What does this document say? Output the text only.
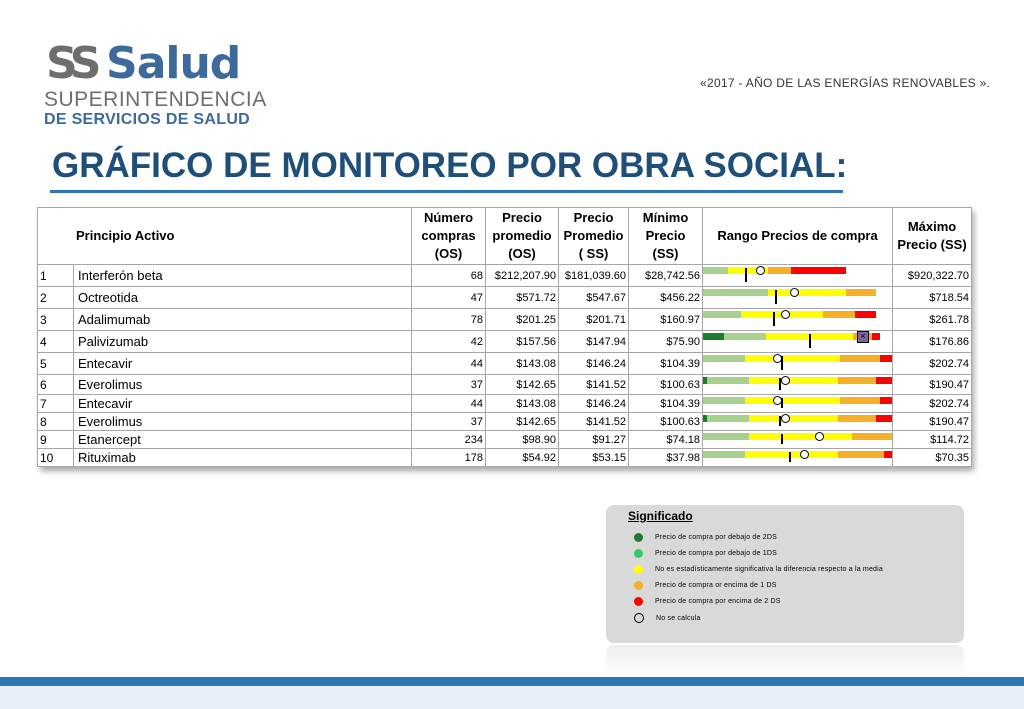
SS Salud
SUPERINTENDENCIA
DE SERVICIOS DE SALUD
«2017 - AÑO DE LAS ENERGÍAS RENOVABLES ».
GRÁFICO DE MONITOREO POR OBRA SOCIAL:
Principio Activo		Número compras (OS)	Precio promedio (OS)	Precio Promedio ( SS)	Mínimo Precio (SS)	Rango Precios de compra	Máximo Precio (SS)
1	Interferón beta	68	$212,207.90	$181,039.60	$28,742.56		$920,322.70
2	Octreotida	47	$571.72	$547.67	$456.22		$718.54
3	Adalimumab	78	$201.25	$201.71	$160.97		$261.78
4	Palivizumab	42	$157.56	$147.94	$75.90	×	$176.86
5	Entecavir	44	$143.08	$146.24	$104.39		$202.74
6	Everolimus	37	$142.65	$141.52	$100.63		$190.47
7	Entecavir	44	$143.08	$146.24	$104.39		$202.74
8	Everolimus	37	$142.65	$141.52	$100.63		$190.47
9	Etanercept	234	$98.90	$91.27	$74.18		$114.72
10	Rituximab	178	$54.92	$53.15	$37.98		$70.35
Significado
Precio de compra por debajo de 2DS
Precio de compra por debajo de 1DS
No es estadísticamente significativa la diferencia respecto a la media
Precio de compra or encima de 1 DS
Precio de compra por encima de 2 DS
No se calcula
